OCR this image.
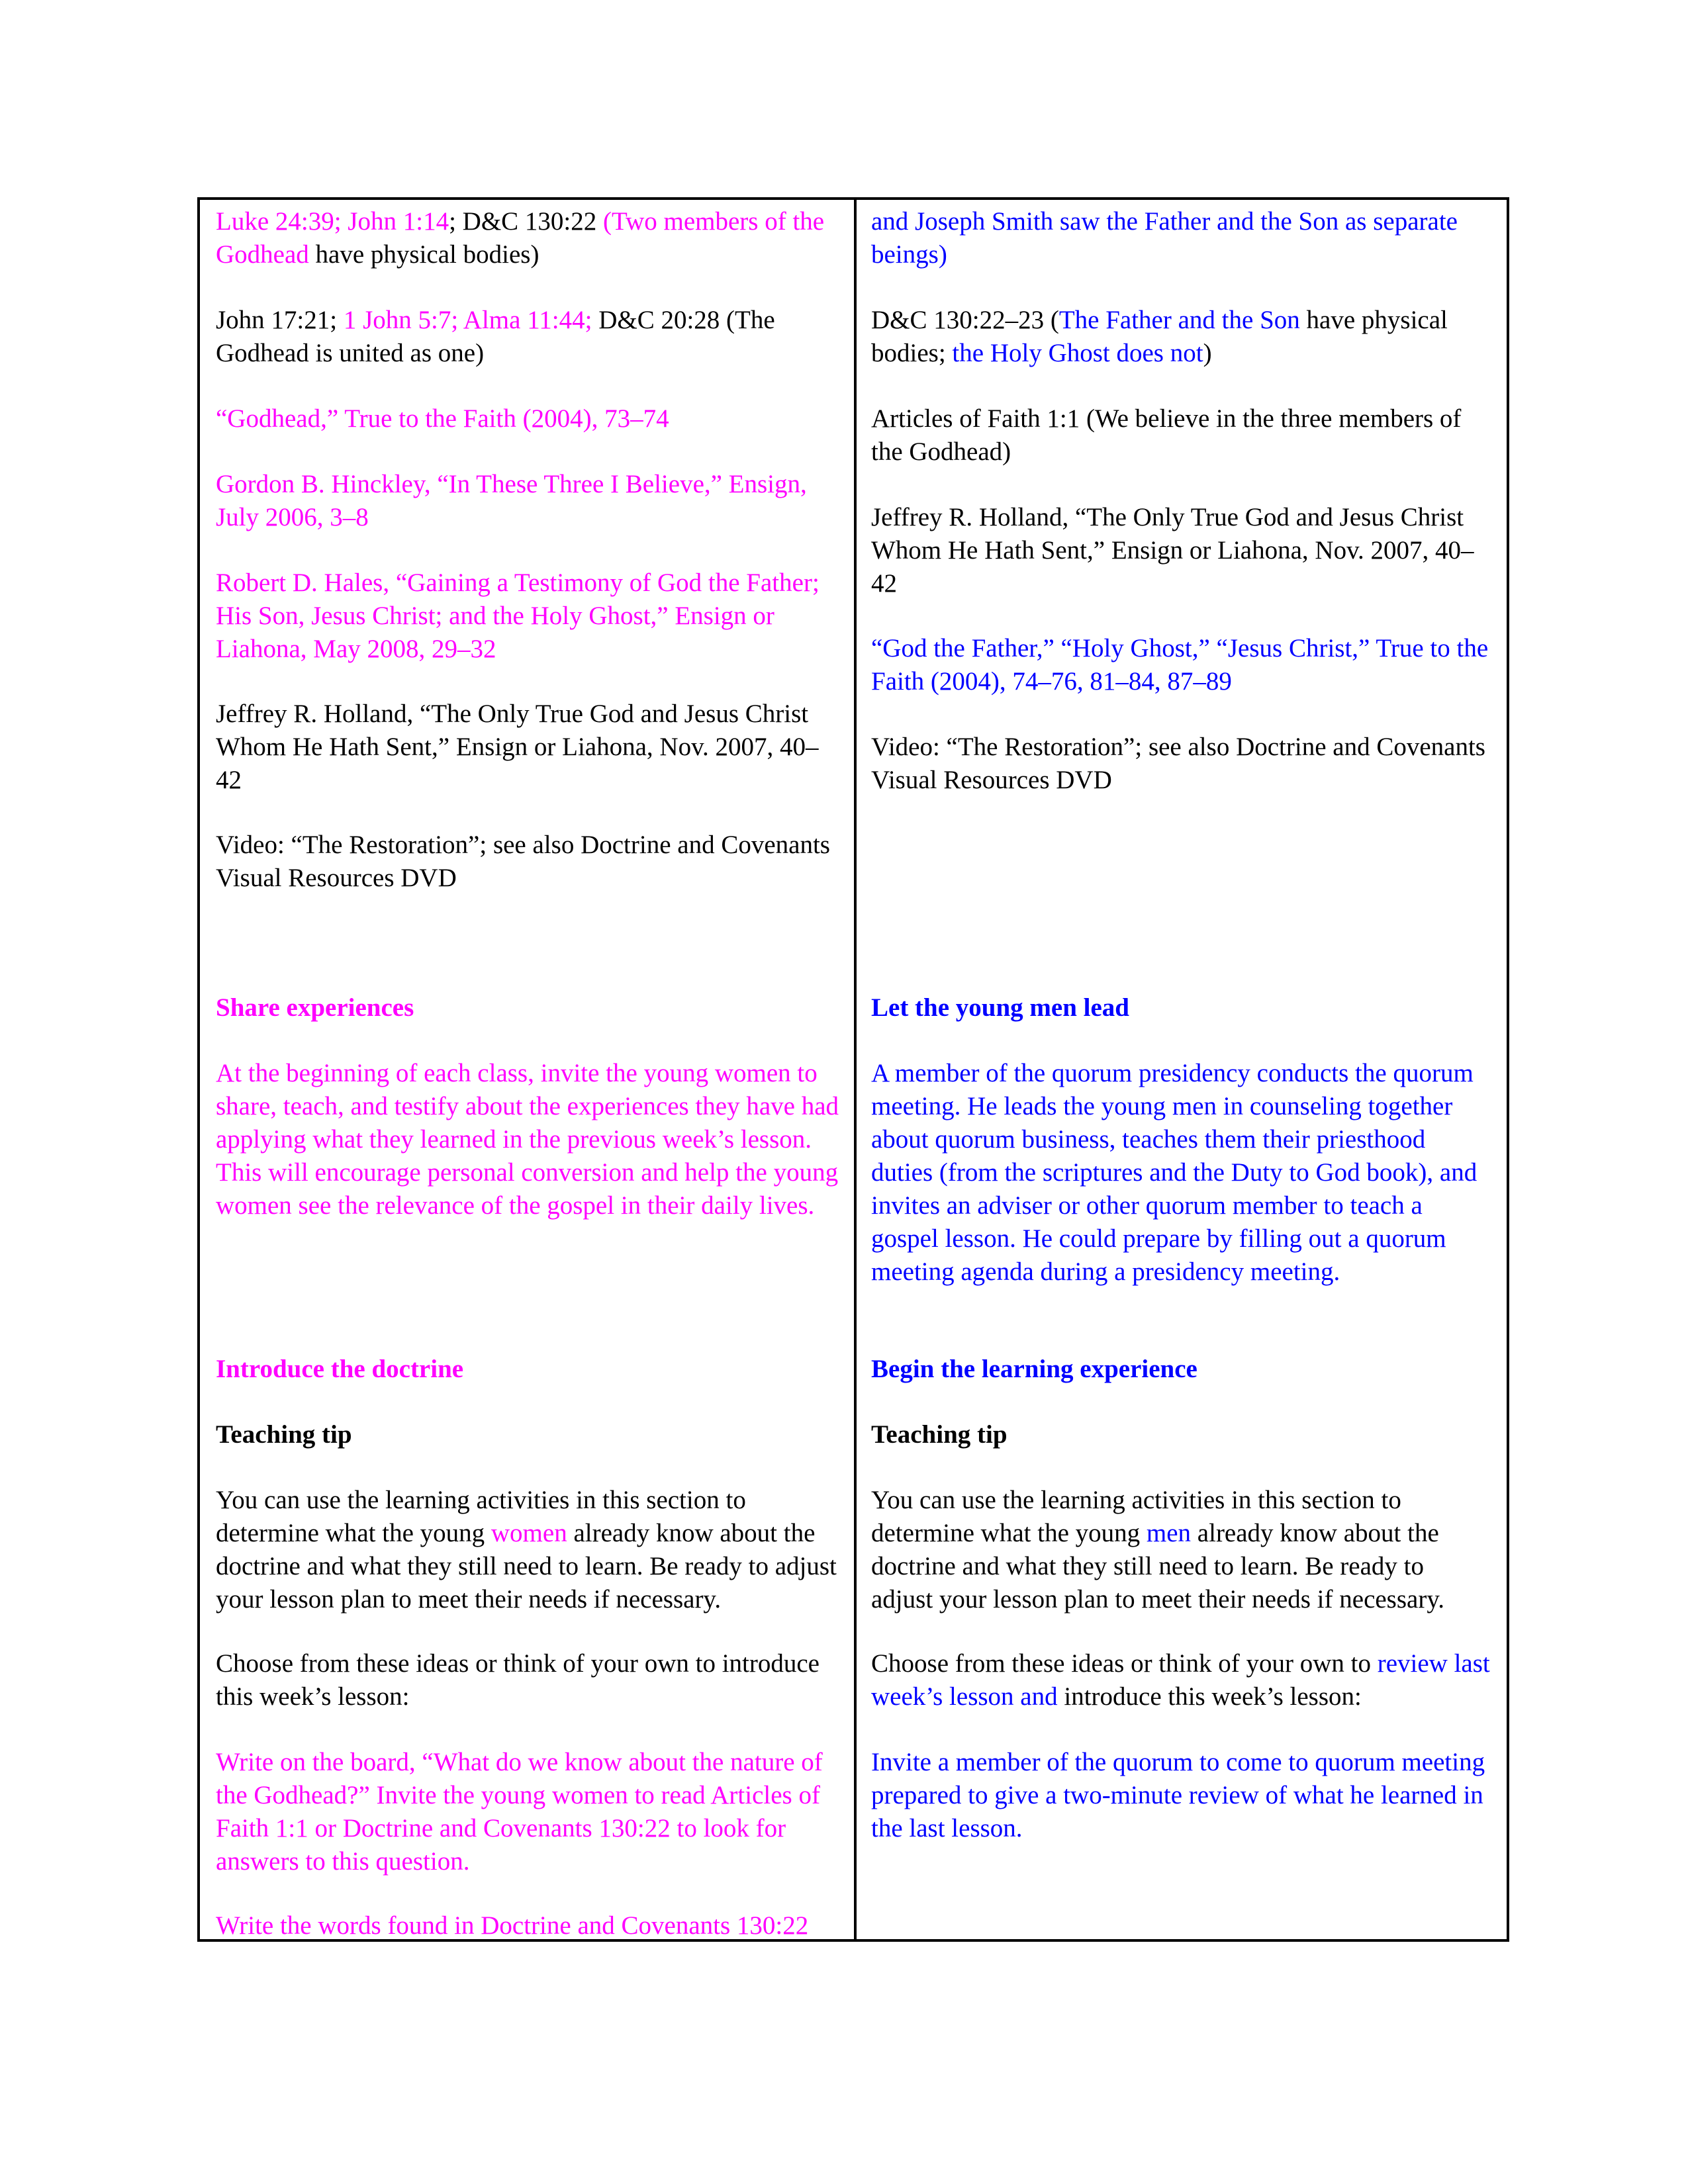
Luke 24:39; John 1:14; D&C 130:22 (Two members of the Godhead have physical bodies)

John 17:21; 1 John 5:7; Alma 11:44; D&C 20:28 (The Godhead is united as one)

“Godhead,” True to the Faith (2004), 73–74

Gordon B. Hinckley, “In These Three I Believe,” Ensign, July 2006, 3–8

Robert D. Hales, “Gaining a Testimony of God the Father; His Son, Jesus Christ; and the Holy Ghost,” Ensign or Liahona, May 2008, 29–32

Jeffrey R. Holland, “The Only True God and Jesus Christ Whom He Hath Sent,” Ensign or Liahona, Nov. 2007, 40–42

Video: “The Restoration”; see also Doctrine and Covenants Visual Resources DVD

Share experiences

At the beginning of each class, invite the young women to share, teach, and testify about the experiences they have had applying what they learned in the previous week’s lesson. This will encourage personal conversion and help the young women see the relevance of the gospel in their daily lives.

Introduce the doctrine

Teaching tip

You can use the learning activities in this section to determine what the young women already know about the doctrine and what they still need to learn. Be ready to adjust your lesson plan to meet their needs if necessary.

Choose from these ideas or think of your own to introduce this week’s lesson:

Write on the board, “What do we know about the nature of the Godhead?” Invite the young women to read Articles of Faith 1:1 or Doctrine and Covenants 130:22 to look for answers to this question.

Write the words found in Doctrine and Covenants 130:22

and Joseph Smith saw the Father and the Son as separate beings)

D&C 130:22–23 (The Father and the Son have physical bodies; the Holy Ghost does not)

Articles of Faith 1:1 (We believe in the three members of the Godhead)

Jeffrey R. Holland, “The Only True God and Jesus Christ Whom He Hath Sent,” Ensign or Liahona, Nov. 2007, 40–42

“God the Father,” “Holy Ghost,” “Jesus Christ,” True to the Faith (2004), 74–76, 81–84, 87–89

Video: “The Restoration”; see also Doctrine and Covenants Visual Resources DVD

Let the young men lead

A member of the quorum presidency conducts the quorum meeting. He leads the young men in counseling together about quorum business, teaches them their priesthood duties (from the scriptures and the Duty to God book), and invites an adviser or other quorum member to teach a gospel lesson. He could prepare by filling out a quorum meeting agenda during a presidency meeting.

Begin the learning experience

Teaching tip

You can use the learning activities in this section to determine what the young men already know about the doctrine and what they still need to learn. Be ready to adjust your lesson plan to meet their needs if necessary.

Choose from these ideas or think of your own to review last week’s lesson and introduce this week’s lesson:

Invite a member of the quorum to come to quorum meeting prepared to give a two-minute review of what he learned in the last lesson.
